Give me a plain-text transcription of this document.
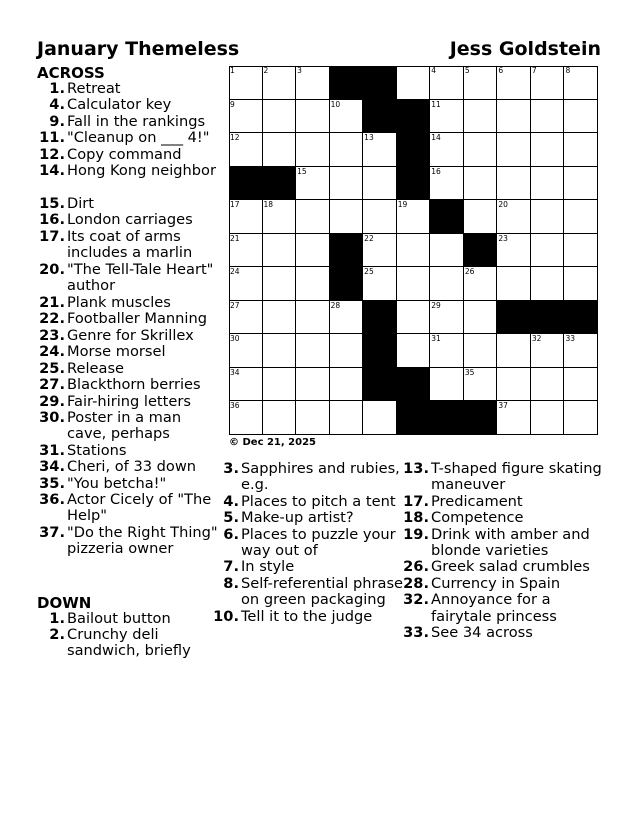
January Themeless	Jess Goldstein
ACROSS
1. Retreat
4. Calculator key
9. Fall in the rankings
11. "Cleanup on ___ 4!"
12. Copy command
14. Hong Kong neighbor
15. Dirt
16. London carriages
17. Its coat of arms includes a marlin
20. "The Tell-Tale Heart" author
21. Plank muscles
22. Footballer Manning
23. Genre for Skrillex
24. Morse morsel
25. Release
27. Blackthorn berries
29. Fair-hiring letters
30. Poster in a man cave, perhaps
31. Stations
34. Cheri, of 33 down
35. "You betcha!"
36. Actor Cicely of "The Help"
37. "Do the Right Thing" pizzeria owner
DOWN
1. Bailout button
2. Crunchy deli sandwich, briefly
1	2	3	4	5	6	7	8
9	10	11
12	13	14
15	16
17	18	19	20
21	22	23
24	25	26
27	28	29
30	31	32	33
34	35
36	37
© Dec 21, 2025
3. Sapphires and rubies, e.g.
4. Places to pitch a tent
5. Make-up artist?
6. Places to puzzle your way out of
7. In style
8. Self-referential phrase on green packaging
10. Tell it to the judge
13. T-shaped figure skating maneuver
17. Predicament
18. Competence
19. Drink with amber and blonde varieties
26. Greek salad crumbles
28. Currency in Spain
32. Annoyance for a fairytale princess
33. See 34 across
